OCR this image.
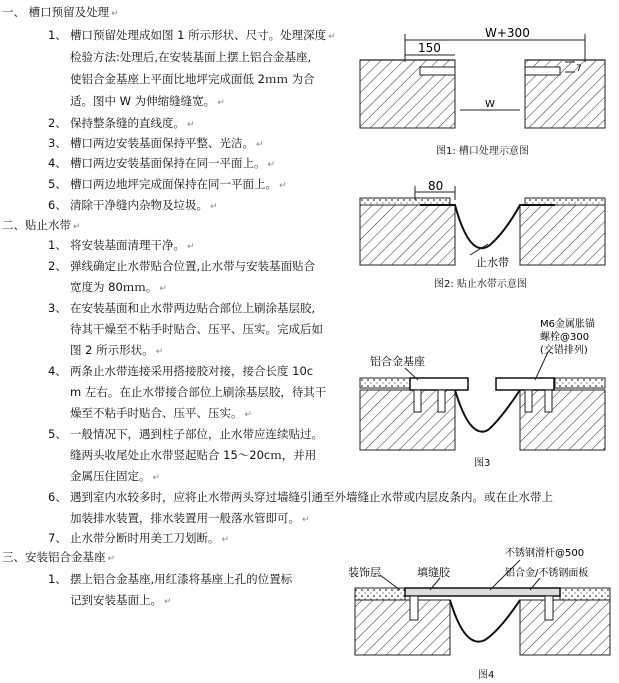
一、 槽口预留及处理 ↵
1、 槽口预留处理成如图 1 所示形状、尺寸。处理深度 ↵
检验方法:处理后,在安装基面上摆上铝合金基座,
使铝合金基座上平面比地坪完成面低 2ｍｍ 为合
适。图中 W 为伸缩缝缝宽。 ↵
2、 保持整条缝的直线度。 ↵
3、 槽口两边安装基面保持平整、光洁。 ↵
4、 槽口两边安装基面保持在同一平面上。 ↵
5、 槽口两边地坪完成面保持在同一平面上。 ↵
6、 清除干净缝内杂物及垃圾。 ↵
二、贴止水带 ↵
1、 将安装基面清理干净。 ↵
2、 弹线确定止水带贴合位置,止水带与安装基面贴合
宽度为 80ｍｍ。 ↵
3、 在安装基面和止水带两边贴合部位上刷涂基层胶,
待其干燥至不粘手时贴合、压平、压实。完成后如
图 2 所示形状。 ↵
4、 两条止水带连接采用搭接胶对接，接合长度 10c
m 左右。在止水带接合部位上刷涂基层胶，待其干
燥至不粘手时贴合、压平、压实。 ↵
5、 一般情况下，遇到柱子部位，止水带应连续贴过。
缝两头收尾处止水带竖起贴合 15～20cｍ，并用
金属压住固定。 ↵
6、 遇到室内水较多时，应将止水带两头穿过墙缝引通至外墙缝止水带或内层皮条内。或在止水带上
加装排水装置，排水装置用一般落水管即可。 ↵
7、 止水带分断时用美工刀划断。 ↵
三、安装铝合金基座 ↵
1、 摆上铝合金基座,用红漆将基座上孔的位置标
记到安装基面上。 ↵
W+300
150
W
7
80
止水带
铝合金基座
M6金属胀锚
螺栓@300
(交错排列)
不锈钢滑杆@500
装饰层	填缝胶	铝合金/不锈钢面板
图1: 槽口处理示意图
图2: 贴止水带示意图
图3
图4
